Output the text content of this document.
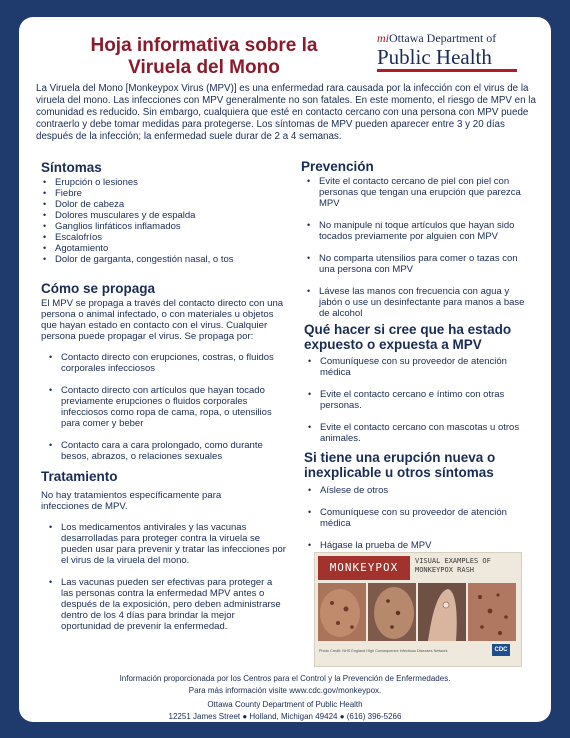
Hoja informativa sobre la
Viruela del Mono
miOttawa Department of
Public Health
La Viruela del Mono [Monkeypox Virus (MPV)] es una enfermedad rara causada por la infección con el virus de la viruela del mono. Las infecciones con MPV generalmente no son fatales. En este momento, el riesgo de MPV en la comunidad es reducido. Sin embargo, cualquiera que esté en contacto cercano con una persona con MPV puede contraerlo y debe tomar medidas para protegerse. Los síntomas de MPV pueden aparecer entre 3 y 20 días después de la infección; la enfermedad suele durar de 2 a 4 semanas.
Síntomas
• Erupción o lesiones
• Fiebre
• Dolor de cabeza
• Dolores musculares y de espalda
• Ganglios linfáticos inflamados
• Escalofríos
• Agotamiento
• Dolor de garganta, congestión nasal, o tos
Cómo se propaga

El MPV se propaga a través del contacto directo con una persona o animal infectado, o con materiales u objetos que hayan estado en contacto con el virus. Cualquier persona puede propagar el virus. Se propaga por:

• Contacto directo con erupciones, costras, o fluidos corporales infecciosos
• Contacto directo con artículos que hayan tocado previamente erupciones o fluidos corporales infecciosos como ropa de cama, ropa, o utensilios para comer y beber
• Contacto cara a cara prolongado, como durante besos, abrazos, o relaciones sexuales
Tratamiento

No hay tratamientos específicamente para infecciones de MPV.

• Los medicamentos antivirales y las vacunas desarrolladas para proteger contra la viruela se pueden usar para prevenir y tratar las infecciones por el virus de la viruela del mono.
• Las vacunas pueden ser efectivas para proteger a las personas contra la enfermedad MPV antes o después de la exposición, pero deben administrarse dentro de los 4 días para brindar la mejor oportunidad de prevenir la enfermedad.
Prevención
• Evite el contacto cercano de piel con piel con personas que tengan una erupción que parezca MPV
• No manipule ni toque artículos que hayan sido tocados previamente por alguien con MPV
• No comparta utensilios para comer o tazas con una persona con MPV
• Lávese las manos con frecuencia con agua y jabón o use un desinfectante para manos a base de alcohol
Qué hacer si cree que ha estado expuesto o expuesta a MPV
• Comuníquese con su proveedor de atención médica
• Evite el contacto cercano e íntimo con otras personas.
• Evite el contacto cercano con mascotas u otros animales.
Si tiene una erupción nueva o inexplicable u otros síntomas
• Aíslese de otros
• Comuníquese con su proveedor de atención médica
• Hágase la prueba de MPV
MONKEYPOX	VISUAL EXAMPLES OF MONKEYPOX RASH
Photo Credit: NHS England High Consequence Infectious Diseases Network	CDC
Información proporcionada por los Centros para el Control y la Prevención de Enfermedades.
Para más información visite www.cdc.gov/monkeypox.
Ottawa County Department of Public Health
12251 James Street ● Holland, Michigan 49424 ● (616) 396-5266
